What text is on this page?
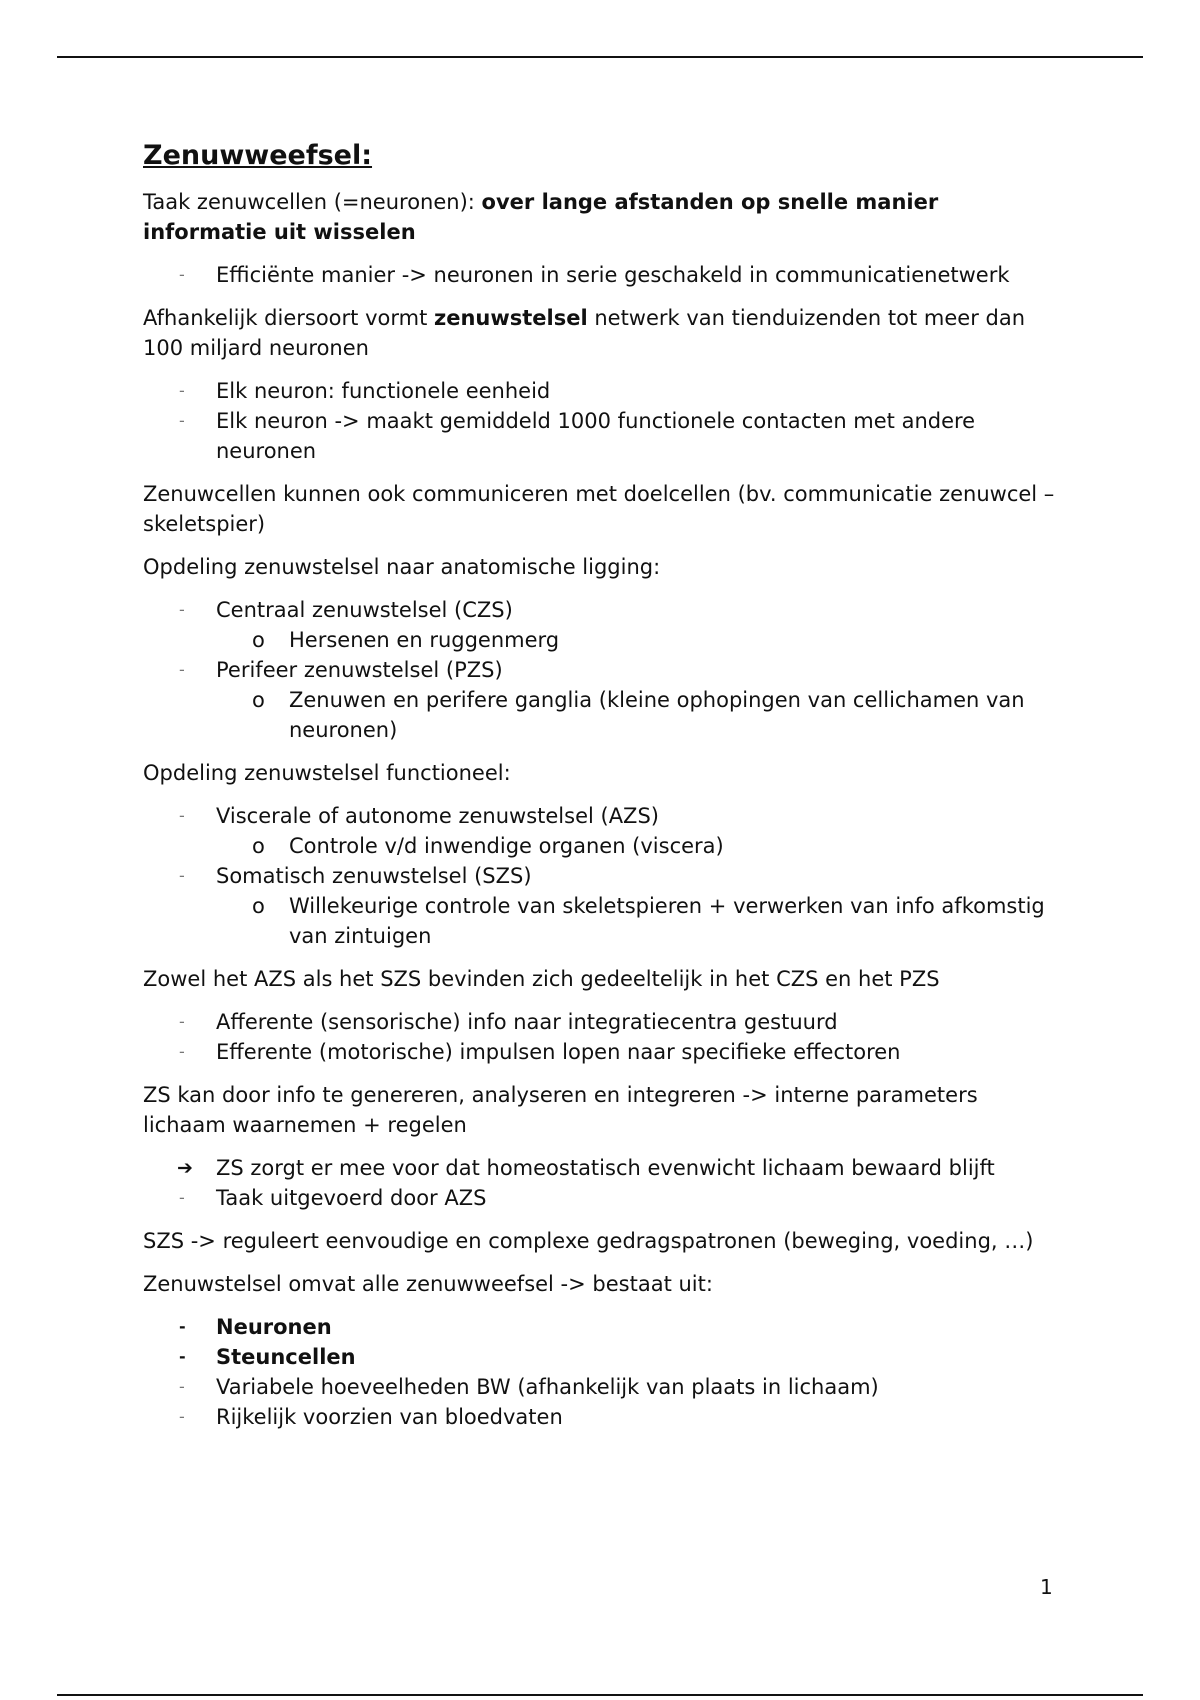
Zenuwweefsel:

Taak zenuwcellen (=neuronen): over lange afstanden op snelle manier informatie uit wisselen

-	Efficiënte manier -> neuronen in serie geschakeld in communicatienetwerk

Afhankelijk diersoort vormt zenuwstelsel netwerk van tienduizenden tot meer dan 100 miljard neuronen

-	Elk neuron: functionele eenheid
-	Elk neuron -> maakt gemiddeld 1000 functionele contacten met andere neuronen

Zenuwcellen kunnen ook communiceren met doelcellen (bv. communicatie zenuwcel – skeletspier)

Opdeling zenuwstelsel naar anatomische ligging:

-	Centraal zenuwstelsel (CZS)
o Hersenen en ruggenmerg
-	Perifeer zenuwstelsel (PZS)
o Zenuwen en perifere ganglia (kleine ophopingen van cellichamen van neuronen)

Opdeling zenuwstelsel functioneel:

-	Viscerale of autonome zenuwstelsel (AZS)
o Controle v/d inwendige organen (viscera)
-	Somatisch zenuwstelsel (SZS)
o Willekeurige controle van skeletspieren + verwerken van info afkomstig van zintuigen

Zowel het AZS als het SZS bevinden zich gedeeltelijk in het CZS en het PZS

-	Afferente (sensorische) info naar integratiecentra gestuurd
-	Efferente (motorische) impulsen lopen naar specifieke effectoren

ZS kan door info te genereren, analyseren en integreren -> interne parameters lichaam waarnemen + regelen

➔ ZS zorgt er mee voor dat homeostatisch evenwicht lichaam bewaard blijft
-	Taak uitgevoerd door AZS

SZS -> reguleert eenvoudige en complexe gedragspatronen (beweging, voeding, …)

Zenuwstelsel omvat alle zenuwweefsel -> bestaat uit:

-	Neuronen
-	Steuncellen
-	Variabele hoeveelheden BW (afhankelijk van plaats in lichaam)
-	Rijkelijk voorzien van bloedvaten
1
